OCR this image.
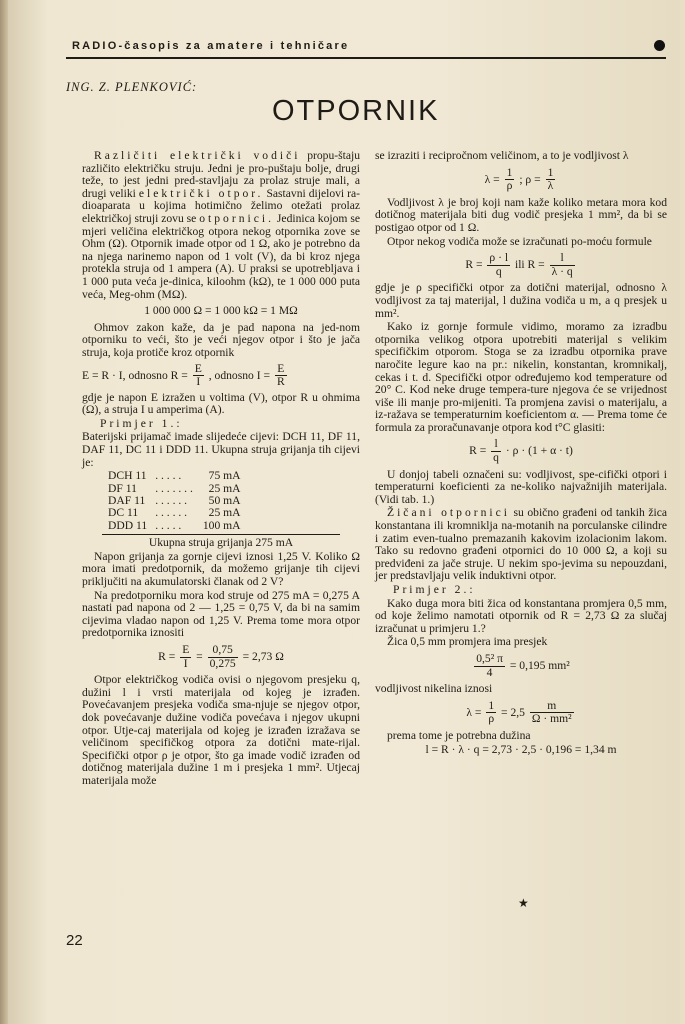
RADIO-časopis za amatere i tehničare
ING. Z. PLENKOVIĆ:
OTPORNIK

Različiti električki vodiči propu-štaju različito električku struju. Jedni je pro-puštaju bolje, drugi teže, to jest jedni pred-stavljaju za prolaz struje mali, a drugi veliki električki otpor. Sastavni dijelovi ra-dioaparata u kojima hotimično želimo otežati prolaz električkoj struji zovu se otpornici. Jedinica kojom se mjeri veličina električkog otpora nekog otpornika zove se Ohm (Ω). Otpornik imade otpor od 1 Ω, ako je potrebno da na njega narinemo napon od 1 volt (V), da bi kroz njega protekla struja od 1 ampera (A). U praksi se upotrebljava i 1 000 puta veća je-dinica, kiloohm (kΩ), te 1 000 000 puta veća, Meg-ohm (MΩ).

1 000 000 Ω = 1 000 kΩ = 1 MΩ

Ohmov zakon kaže, da je pad napona na jed-nom otporniku to veći, što je veći njegov otpor i što je jača struja, koja protiče kroz otpornik

E = R · I, odnosno $R = \frac{E}{I}$ , odnosno $I = \frac{E}{R}$

gdje je napon E izražen u voltima (V), otpor R u ohmima (Ω), a struja I u amperima (A).

Primjer 1.:

Baterijski prijamač imade slijedeće cijevi: DCH 11, DF 11, DAF 11, DC 11 i DDD 11. Ukupna struja grijanja tih cijevi je:

DCH 11	. . . . .	75 mA
DF 11	. . . . . . .	25 mA
DAF 11	. . . . . .	50 mA
DC 11	. . . . . .	25 mA
DDD 11	. . . . .	100 mA

Ukupna struja grijanja 275 mA

Napon grijanja za gornje cijevi iznosi 1,25 V. Koliko Ω mora imati predotpornik, da možemo grijanje tih cijevi priključiti na akumulatorski članak od 2 V?

Na predotporniku mora kod struje od 275 mA = 0,275 A nastati pad napona od 2 — 1,25 = 0,75 V, da bi na samim cijevima vladao napon od 1,25 V. Prema tome mora otpor predotpornika iznositi

$R = \frac{E}{I} = \frac{0,75}{0,275} = 2,73$ Ω

Otpor električkog vodiča ovisi o njegovom presjeku q, dužini l i vrsti materijala od kojeg je izrađen. Povećavanjem presjeka vodiča sma-njuje se njegov otpor, dok povećavanje dužine vodiča povećava i njegov ukupni otpor. Utje-caj materijala od kojeg je izrađen izražava se veličinom specifičkog otpora za dotični mate-rijal. Specifički otpor ρ je otpor, što ga imade vodič izrađen od dotičnog materijala dužine 1 m i presjeka 1 mm². Utjecaj materijala može

se izraziti i recipročnom veličinom, a to je vodljivost λ

$\lambda = \frac{1}{\rho}$ ; $\rho = \frac{1}{\lambda}$

Vodljivost λ je broj koji nam kaže koliko metara mora kod dotičnog materijala biti dug vodič presjeka 1 mm², da bi se postigao otpor od 1 Ω.

Otpor nekog vodiča može se izračunati po-moću formule

$R = \frac{\rho \cdot l}{q}$ ili $R = \frac{l}{\lambda \cdot q}$

gdje je ρ specifički otpor za dotični materijal, odnosno λ vodljivost za taj materijal, l dužina vodiča u m, a q presjek u mm².

Kako iz gornje formule vidimo, moramo za izradbu otpornika velikog otpora upotrebiti materijal s velikim specifičkim otporom. Stoga se za izradbu otpornika prave naročite legure kao na pr.: nikelin, konstantan, kromnikalj, cekas i t. d. Specifički otpor određujemo kod temperature od 20° C. Kod neke druge tempera-ture njegova će se vrijednost više ili manje pro-mijeniti. Ta promjena zavisi o materijalu, a iz-ražava se temperaturnim koeficientom α. — Prema tome će formula za proračunavanje otpora kod t°C glasiti:

$R = \frac{l}{q} \cdot \rho \cdot (1 + \alpha \cdot t)$

U donjoj tabeli označeni su: vodljivost, spe-cifički otpori i temperaturni koeficienti za ne-koliko najvažnijih materijala. (Vidi tab. 1.)

Žičani otpornici su obično građeni od tankih žica konstantana ili kromniklja na-motanih na porculanske cilindre i zatim even-tualno premazanih kakovim izolacionim lakom. Tako su redovno građeni otpornici do 10 000 Ω, a koji su predviđeni za jače struje. U nekim spo-jevima su nepouzdani, jer predstavljaju velik induktivni otpor.

Primjer 2.:

Kako duga mora biti žica od konstantana promjera 0,5 mm, od koje želimo namotati otpornik od R = 2,73 Ω za slučaj izračunat u primjeru 1.?

Žica 0,5 mm promjera ima presjek

$\frac{\text{0,5² π}}{4} = 0,195$ mm²

vodljivost nikelina iznosi

$\lambda = \frac{1}{\rho} = 2,5 \frac{m}{\text{Ω · mm²}}$

prema tome je potrebna dužina

l = R · λ · q = 2,73 · 2,5 · 0,196 = 1,34 m

★
22
